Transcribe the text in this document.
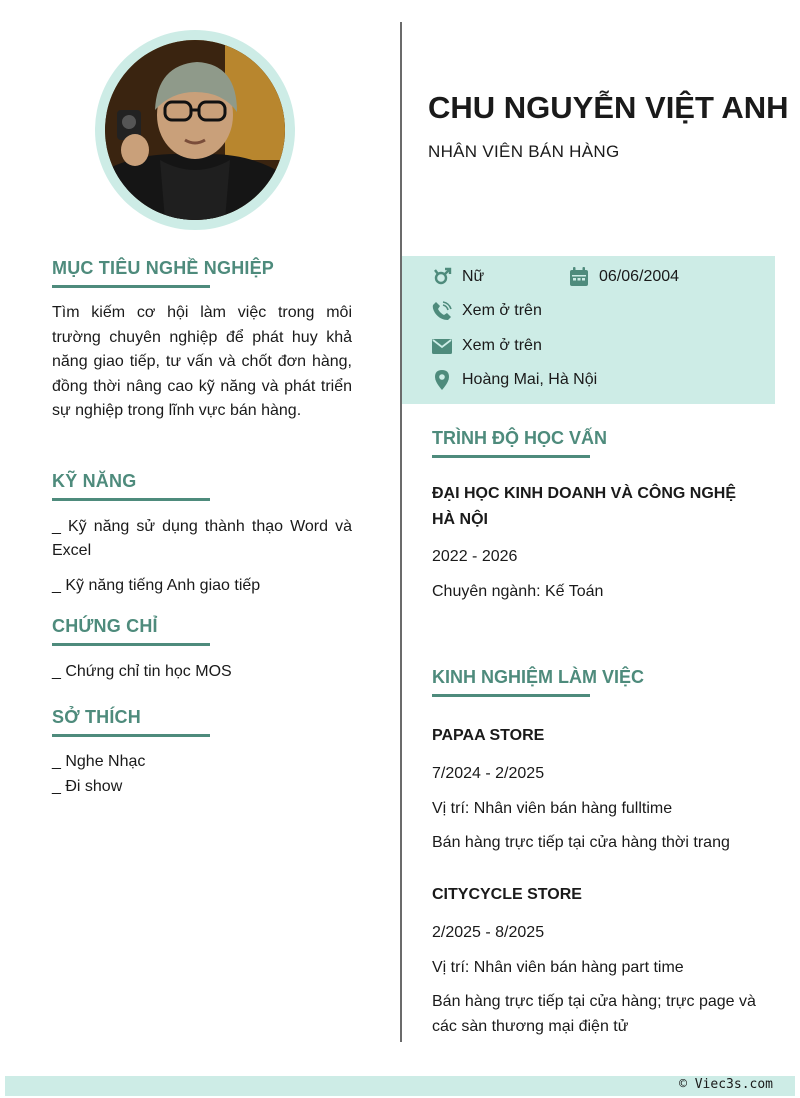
MỤC TIÊU NGHỀ NGHIỆP
Tìm kiếm cơ hội làm việc trong môi trường chuyên nghiệp để phát huy khả năng giao tiếp, tư vấn và chốt đơn hàng, đồng thời nâng cao kỹ năng và phát triển sự nghiệp trong lĩnh vực bán hàng.
KỸ NĂNG
_ Kỹ năng sử dụng thành thạo Word và Excel
_ Kỹ năng tiếng Anh giao tiếp
CHỨNG CHỈ
_ Chứng chỉ tin học MOS
SỞ THÍCH
_ Nghe Nhạc
_ Đi show
CHU NGUYỄN VIỆT ANH
NHÂN VIÊN BÁN HÀNG
Nữ	06/06/2004
Xem ở trên
Xem ở trên
Hoàng Mai, Hà Nội
TRÌNH ĐỘ HỌC VẤN
ĐẠI HỌC KINH DOANH VÀ CÔNG NGHỆ HÀ NỘI
2022 - 2026
Chuyên ngành: Kế Toán
KINH NGHIỆM LÀM VIỆC
PAPAA STORE
7/2024 - 2/2025
Vị trí: Nhân viên bán hàng fulltime
Bán hàng trực tiếp tại cửa hàng thời trang
CITYCYCLE STORE
2/2025 - 8/2025
Vị trí: Nhân viên bán hàng part time
Bán hàng trực tiếp tại cửa hàng; trực page và các sàn thương mại điện tử
© Viec3s.com
